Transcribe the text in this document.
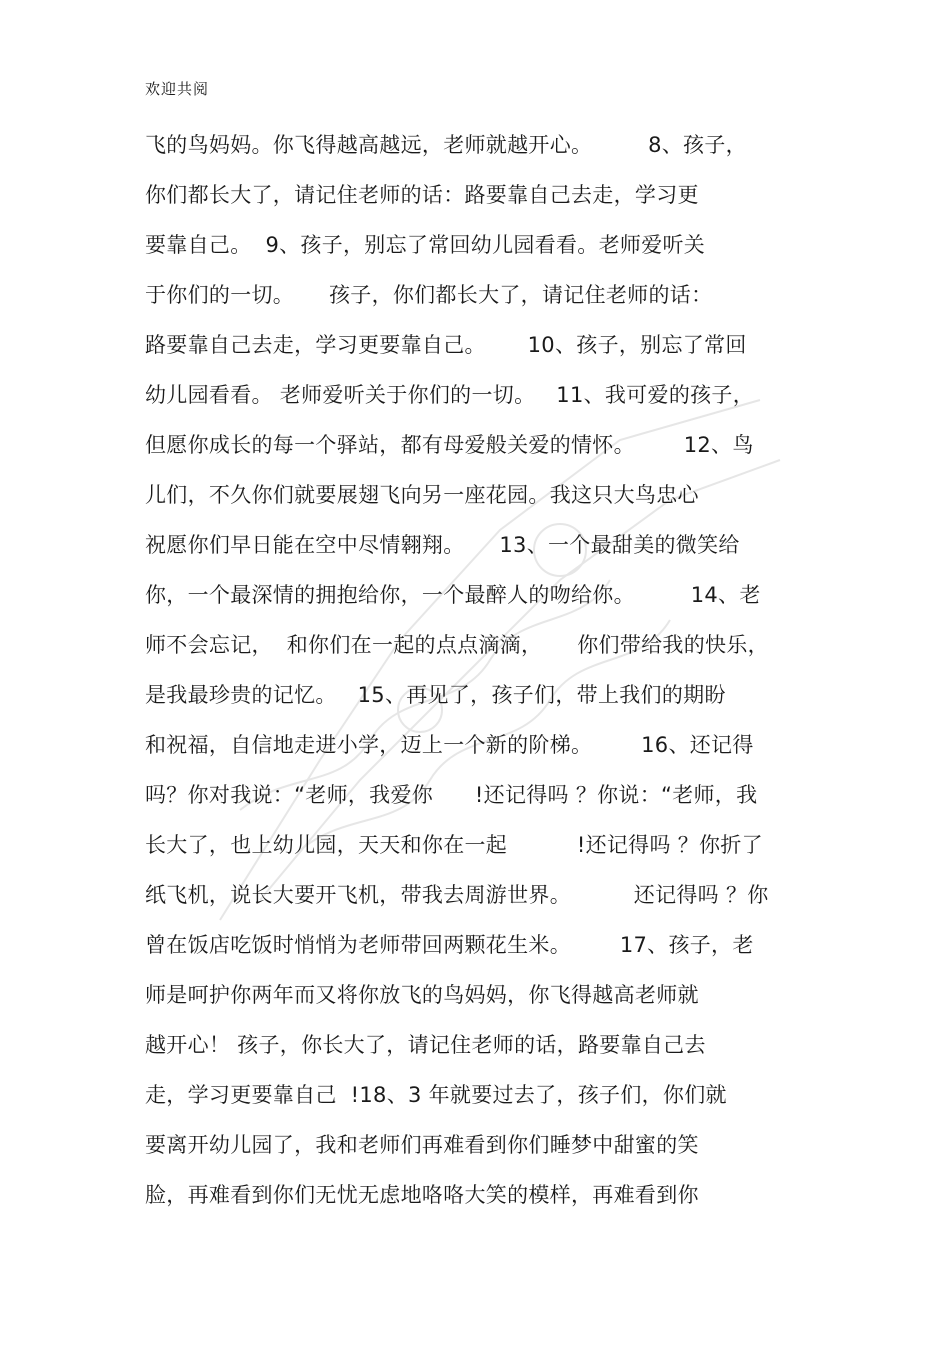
欢迎共阅
飞的鸟妈妈。你飞得越高越远，老师就越开心。        8、孩子，
你们都长大了，请记住老师的话：路要靠自己去走，学习更
要靠自己。  9、孩子，别忘了常回幼儿园看看。老师爱听关
于你们的一切。     孩子，你们都长大了，请记住老师的话：
路要靠自己去走，学习更要靠自己。      10、孩子，别忘了常回
幼儿园看看。 老师爱听关于你们的一切。   11、我可爱的孩子，
但愿你成长的每一个驿站，都有母爱般关爱的情怀。       12、鸟
儿们，不久你们就要展翅飞向另一座花园。我这只大鸟忠心
祝愿你们早日能在空中尽情翱翔。     13、一个最甜美的微笑给
你，一个最深情的拥抱给你，一个最醉人的吻给你。        14、老
师不会忘记，  和你们在一起的点点滴滴，     你们带给我的快乐，
是我最珍贵的记忆。   15、再见了，孩子们，带上我们的期盼
和祝福，自信地走进小学，迈上一个新的阶梯。       16、还记得
吗？你对我说：“老师，我爱你      !还记得吗 ？你说：“老师，我
长大了，也上幼儿园，天天和你在一起          !还记得吗 ？你折了
纸飞机，说长大要开飞机，带我去周游世界。         还记得吗 ？你
曾在饭店吃饭时悄悄为老师带回两颗花生米。       17、孩子，老
师是呵护你两年而又将你放飞的鸟妈妈，你飞得越高老师就
越开心！ 孩子，你长大了，请记住老师的话，路要靠自己去
走，学习更要靠自己  !18、3 年就要过去了，孩子们，你们就
要离开幼儿园了，我和老师们再难看到你们睡梦中甜蜜的笑
脸，再难看到你们无忧无虑地咯咯大笑的模样，再难看到你
